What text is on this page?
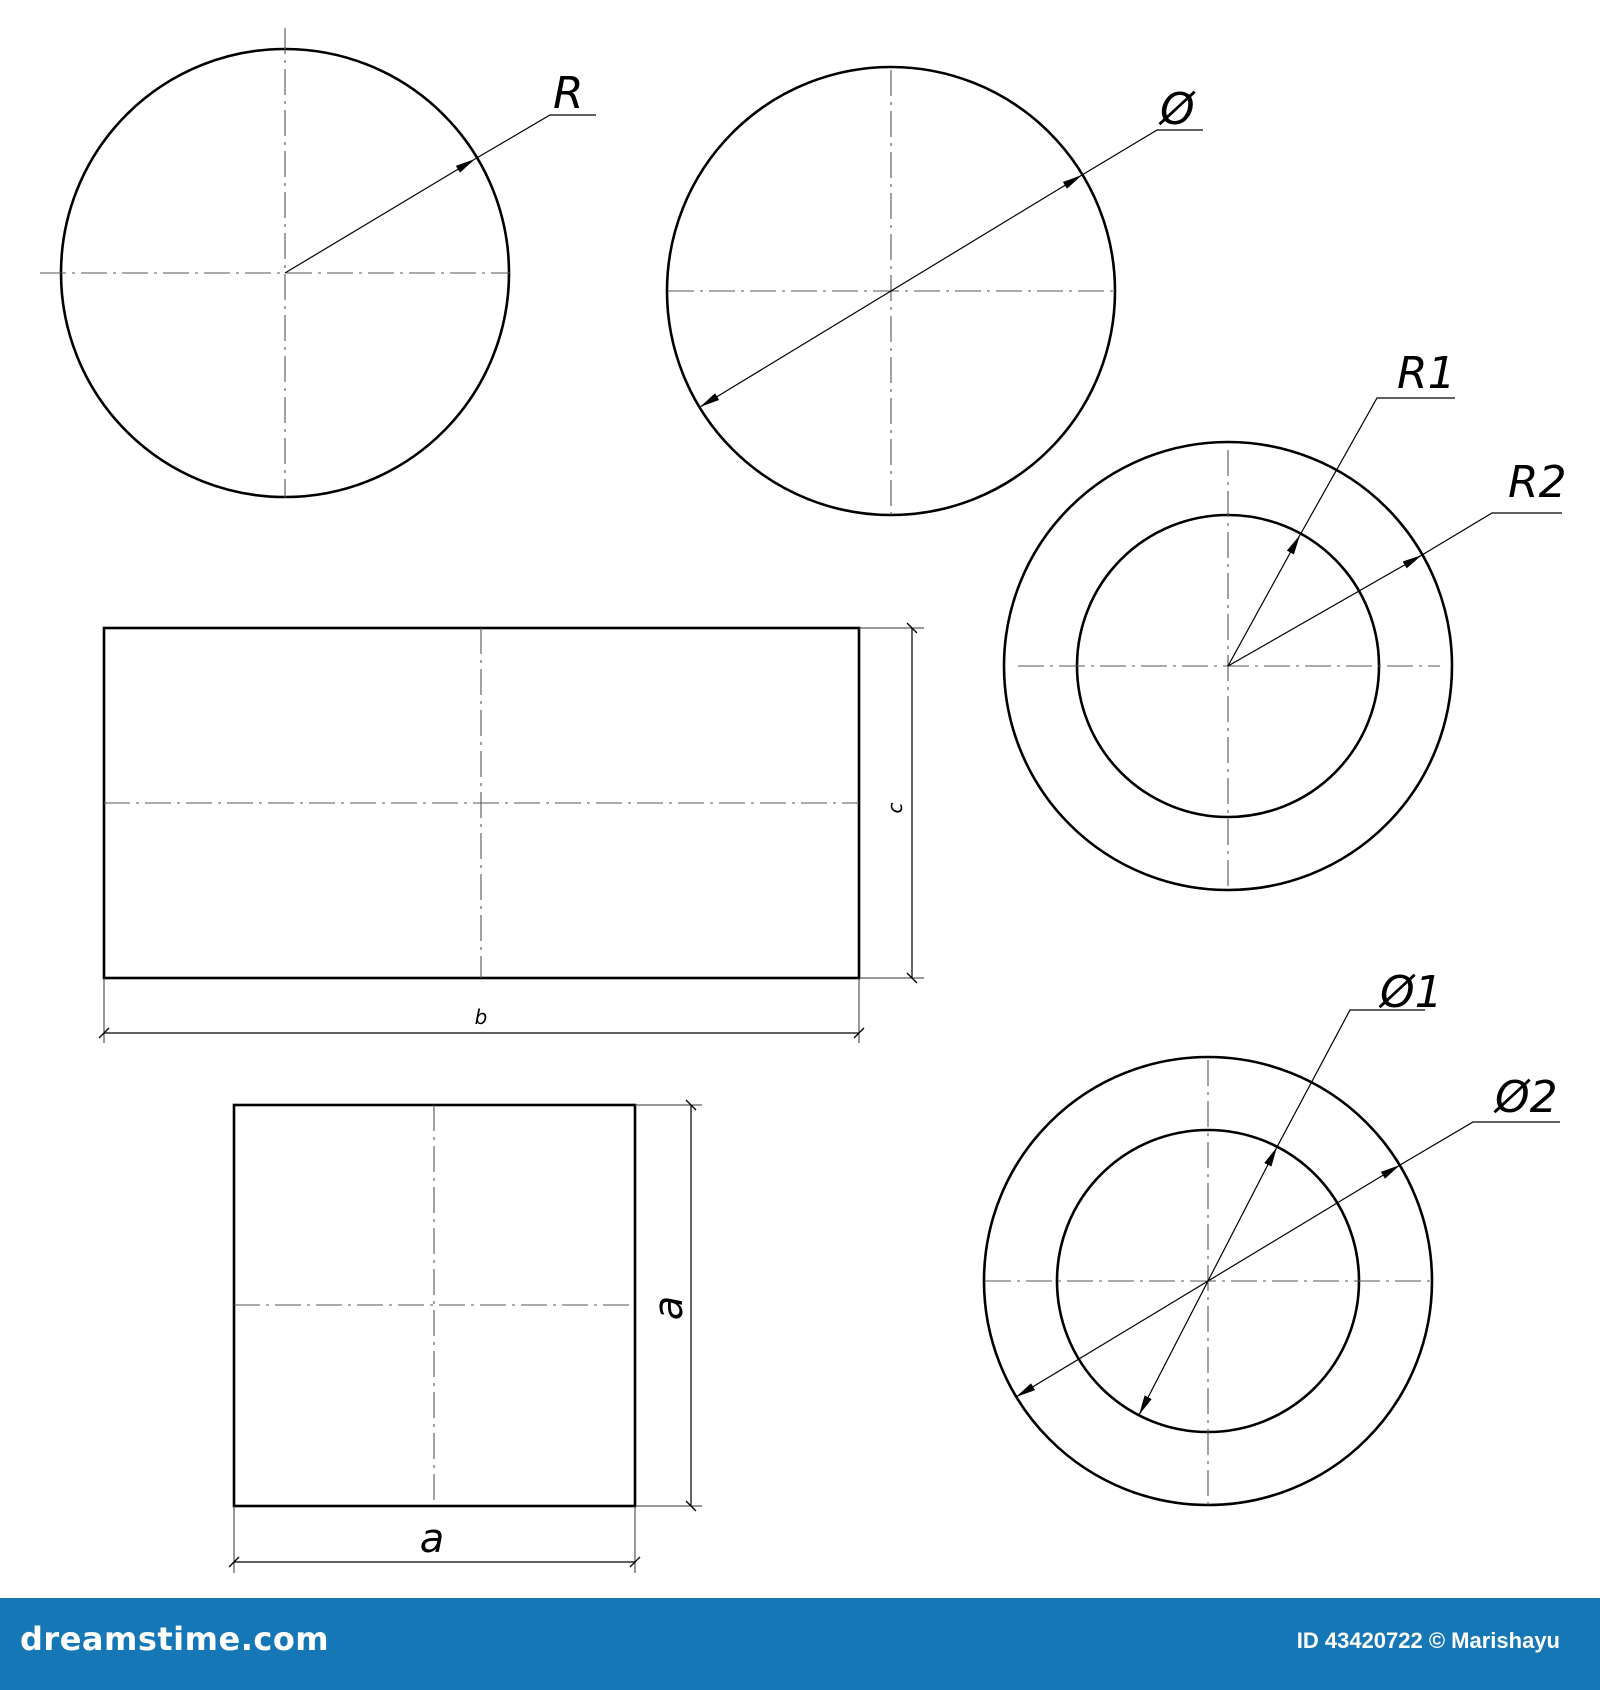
R	Ø
R1
R2
c
b
a
a
Ø1
Ø2
dreamstime.com	ID 43420722 © Marishayu
